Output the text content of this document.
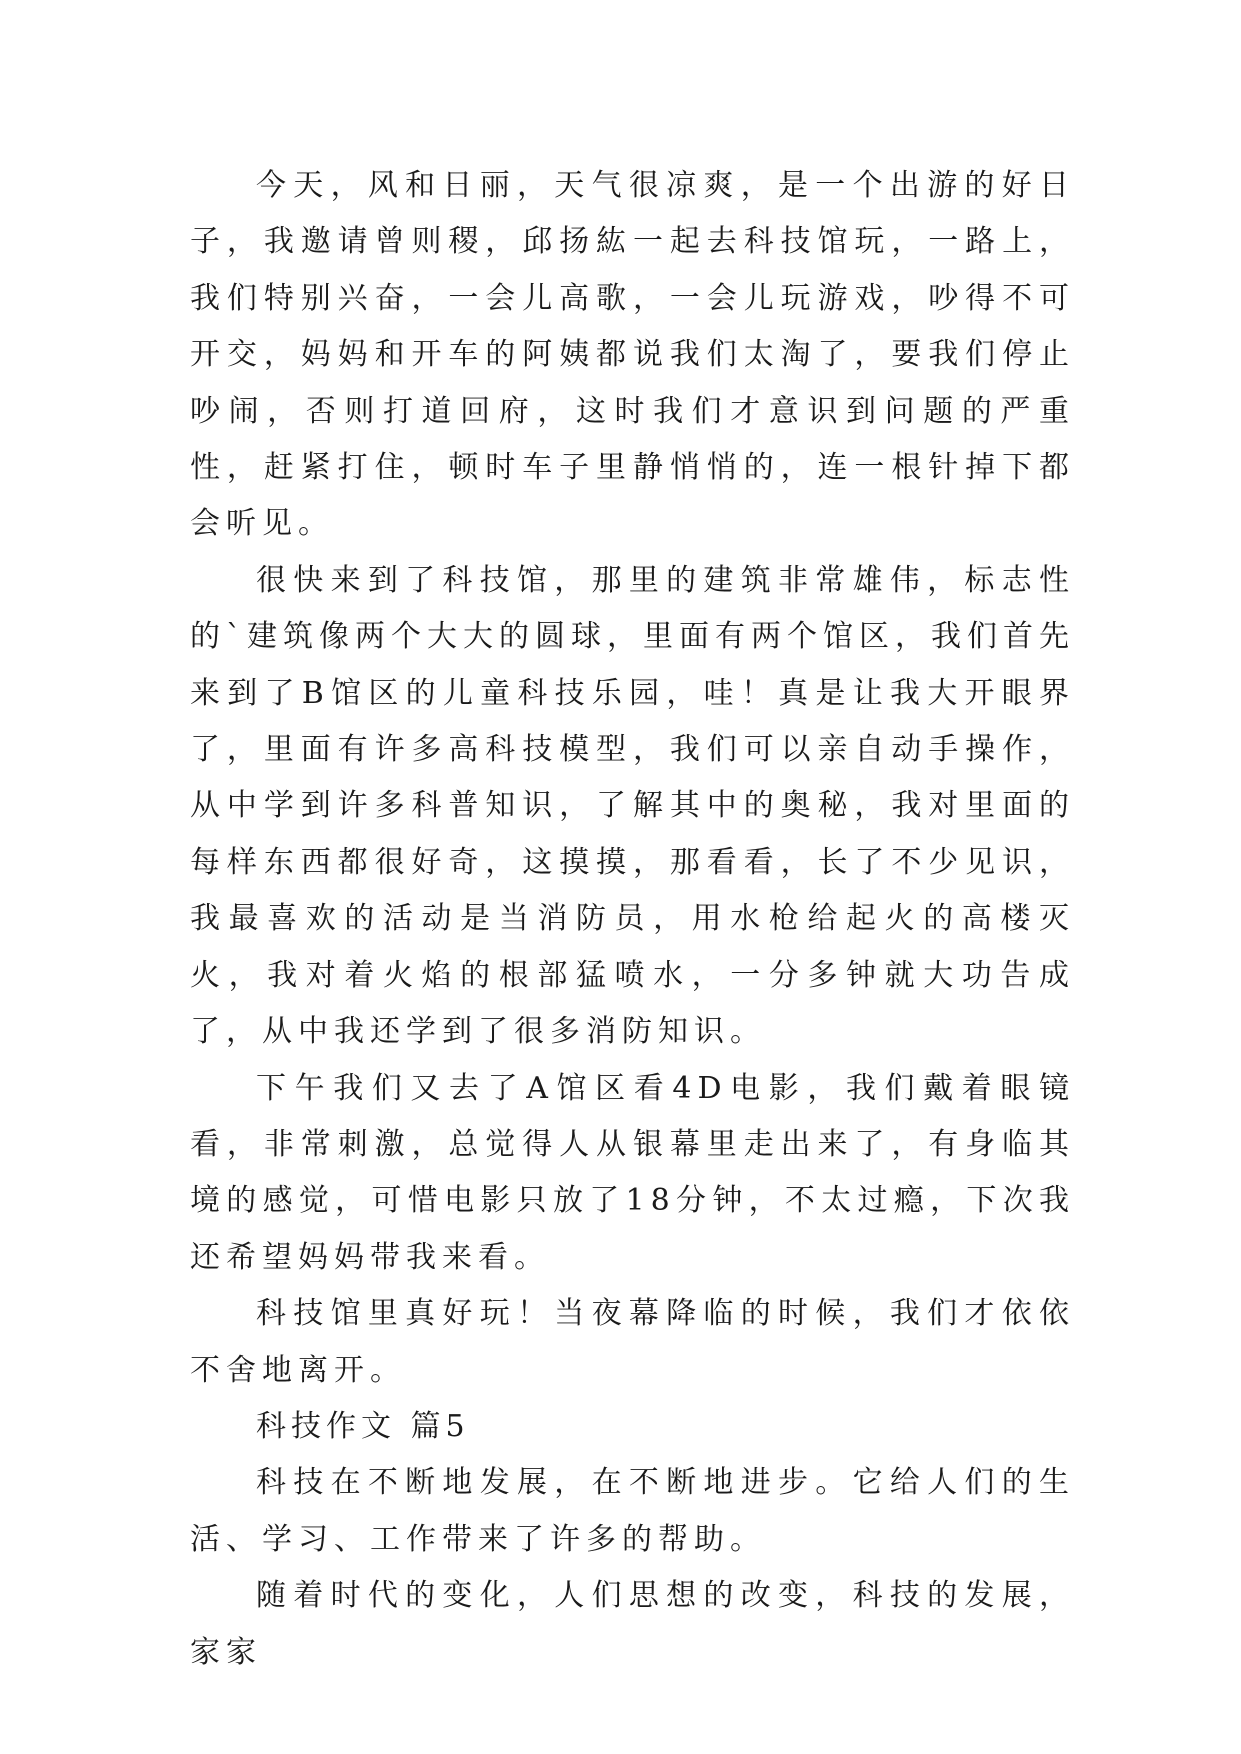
今天，风和日丽，天气很凉爽，是一个出游的好日子，我邀请曾则稷，邱扬紘一起去科技馆玩，一路上，我们特别兴奋，一会儿高歌，一会儿玩游戏，吵得不可开交，妈妈和开车的阿姨都说我们太淘了，要我们停止吵闹，否则打道回府，这时我们才意识到问题的严重性，赶紧打住，顿时车子里静悄悄的，连一根针掉下都会听见。

很快来到了科技馆，那里的建筑非常雄伟，标志性的`建筑像两个大大的圆球，里面有两个馆区，我们首先来到了B馆区的儿童科技乐园，哇！真是让我大开眼界了，里面有许多高科技模型，我们可以亲自动手操作，从中学到许多科普知识，了解其中的奥秘，我对里面的每样东西都很好奇，这摸摸，那看看，长了不少见识，我最喜欢的活动是当消防员，用水枪给起火的高楼灭火，我对着火焰的根部猛喷水，一分多钟就大功告成了，从中我还学到了很多消防知识。

下午我们又去了A馆区看4D电影，我们戴着眼镜看，非常刺激，总觉得人从银幕里走出来了，有身临其境的感觉，可惜电影只放了18分钟，不太过瘾，下次我还希望妈妈带我来看。

科技馆里真好玩！当夜幕降临的时候，我们才依依不舍地离开。

科技作文 篇5

科技在不断地发展，在不断地进步。它给人们的生活、学习、工作带来了许多的帮助。

随着时代的变化，人们思想的改变，科技的发展，家家
